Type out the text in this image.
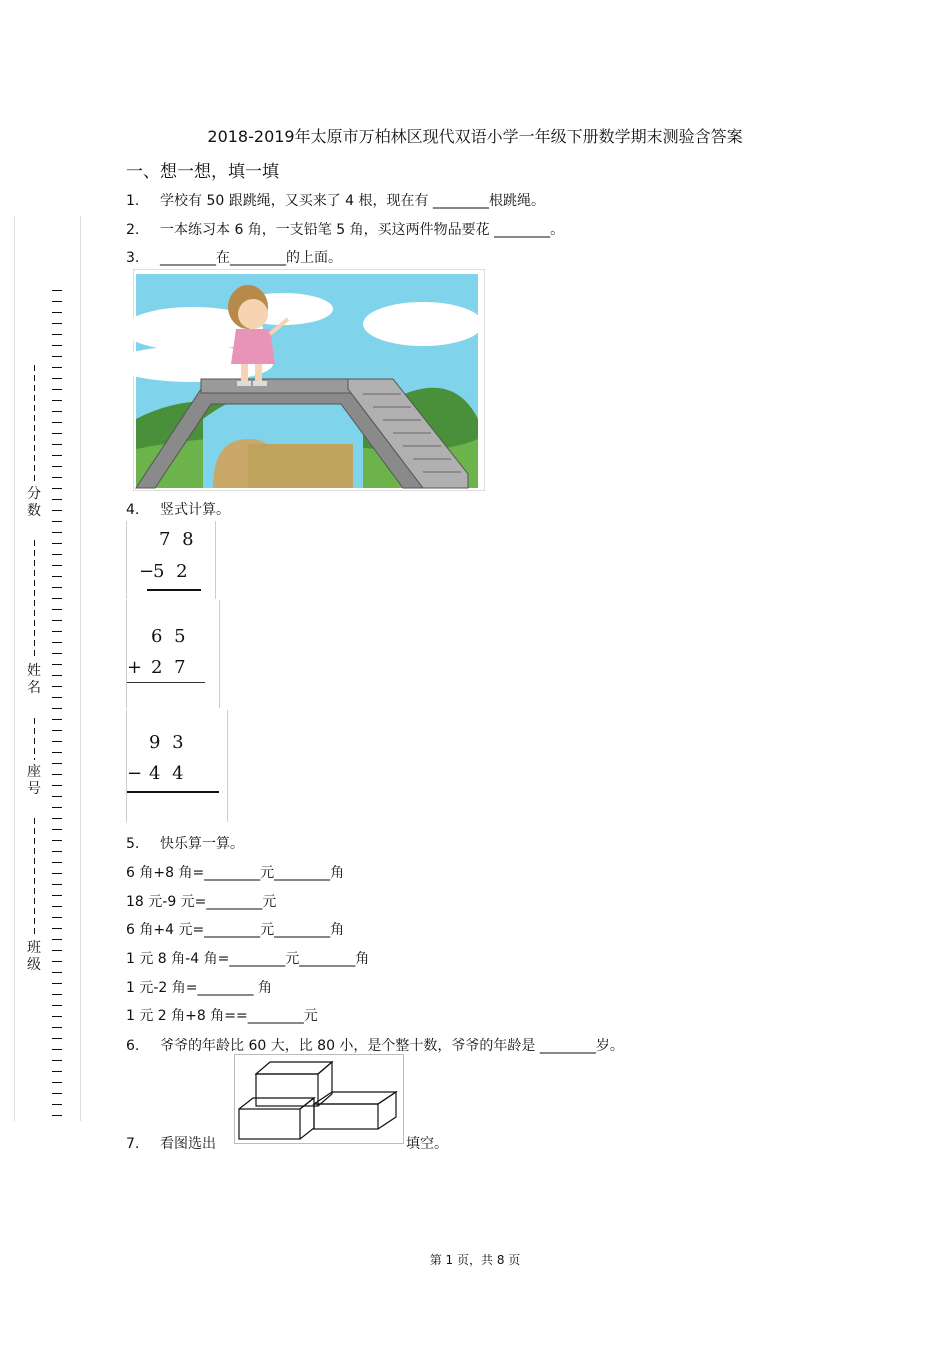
2018-2019年太原市万柏林区现代双语小学一年级下册数学期末测验含答案
一、想一想，填一填
分数
姓名
座号
班级
1. 学校有 50 跟跳绳，又买来了 4 根，现在有 ________根跳绳。
2. 一本练习本 6 角，一支铅笔 5 角，买这两件物品要花 ________。
3. ________在________的上面。
4. 竖式计算。
7 8
−
5 2
6 5
+ 2 7
9 3
− 4 4
5. 快乐算一算。
6 角+8 角=________元________角
18 元-9 元=________元
6 角+4 元=________元________角
1 元 8 角-4 角=________元________角
1 元-2 角=________ 角
1 元 2 角+8 角==________元
6. 爷爷的年龄比 60 大，比 80 小，是个整十数，爷爷的年龄是 ________岁。
7. 看图选出	填空。
第 1 页，共 8 页
